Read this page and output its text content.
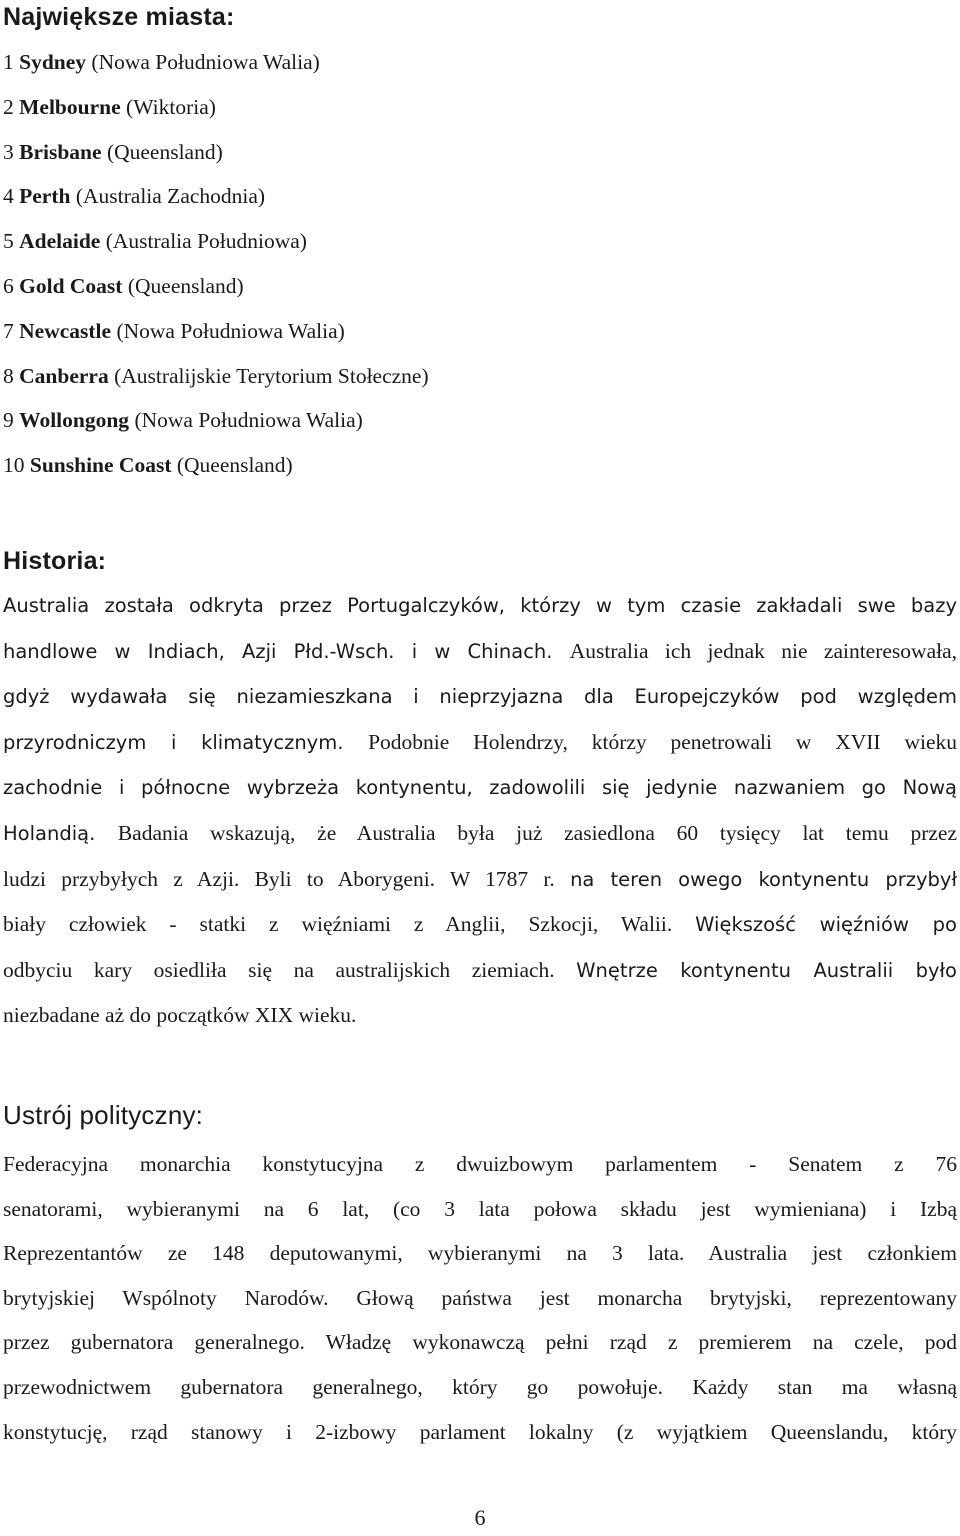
Największe miasta:
1 Sydney (Nowa Południowa Walia)
2 Melbourne (Wiktoria)
3 Brisbane (Queensland)
4 Perth (Australia Zachodnia)
5 Adelaide (Australia Południowa)
6 Gold Coast (Queensland)
7 Newcastle (Nowa Południowa Walia)
8 Canberra (Australijskie Terytorium Stołeczne)
9 Wollongong (Nowa Południowa Walia)
10 Sunshine Coast (Queensland)
Historia:
Australia została odkryta przez Portugalczyków, którzy w tym czasie zakładali swe bazy
handlowe w Indiach, Azji Płd.-Wsch. i w Chinach. Australia ich jednak nie zainteresowała,
gdyż wydawała się niezamieszkana i nieprzyjazna dla Europejczyków pod względem
przyrodniczym i klimatycznym. Podobnie Holendrzy, którzy penetrowali w XVII wieku
zachodnie i północne wybrzeża kontynentu, zadowolili się jedynie nazwaniem go Nową
Holandią. Badania wskazują, że Australia była już zasiedlona 60 tysięcy lat temu przez
ludzi przybyłych z Azji. Byli to Aborygeni. W 1787 r. na teren owego kontynentu przybył
biały człowiek - statki z więźniami z Anglii, Szkocji, Walii. Większość więźniów po
odbyciu kary osiedliła się na australijskich ziemiach. Wnętrze kontynentu Australii było
niezbadane aż do początków XIX wieku.
Ustrój polityczny:
Federacyjna monarchia konstytucyjna z dwuizbowym parlamentem - Senatem z 76
senatorami, wybieranymi na 6 lat, (co 3 lata połowa składu jest wymieniana) i Izbą
Reprezentantów ze 148 deputowanymi, wybieranymi na 3 lata. Australia jest członkiem
brytyjskiej Wspólnoty Narodów. Głową państwa jest monarcha brytyjski, reprezentowany
przez gubernatora generalnego. Władzę wykonawczą pełni rząd z premierem na czele, pod
przewodnictwem gubernatora generalnego, który go powołuje. Każdy stan ma własną
konstytucję, rząd stanowy i 2-izbowy parlament lokalny (z wyjątkiem Queenslandu, który
6
